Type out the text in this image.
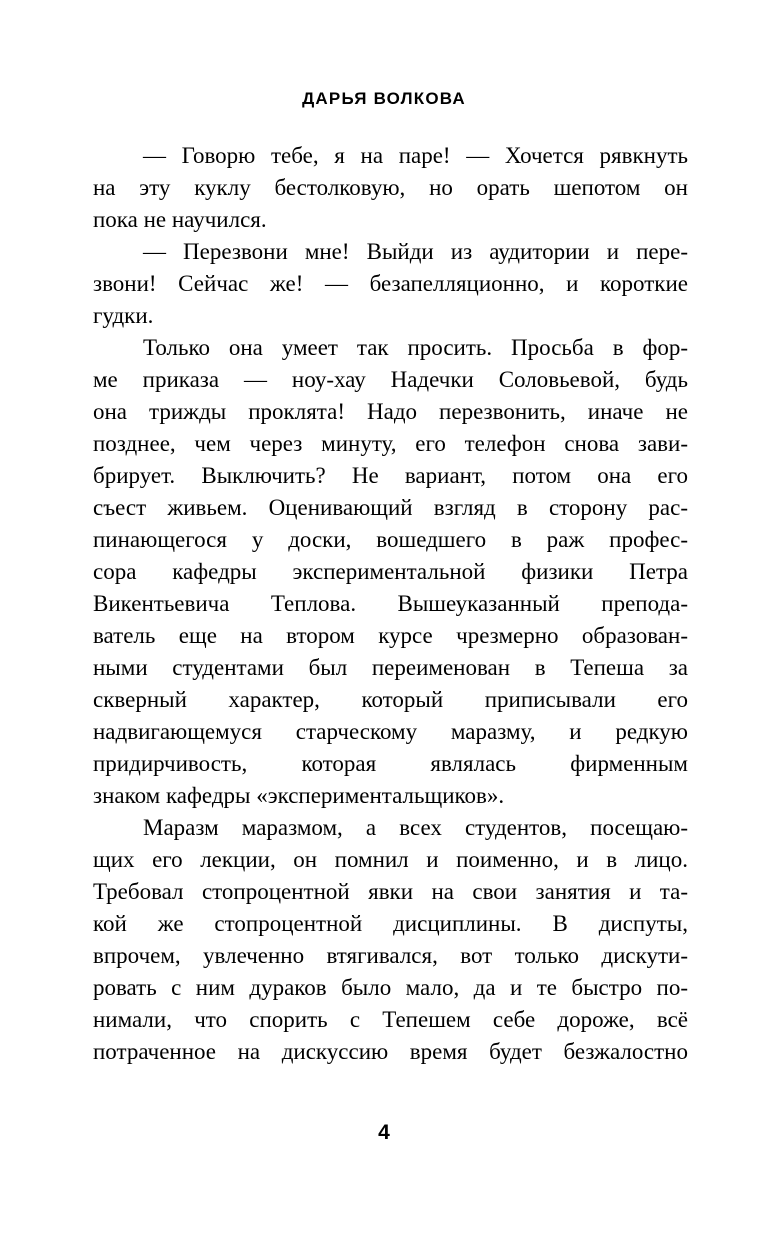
ДАРЬЯ ВОЛКОВА
— Говорю тебе, я на паре! — Хочется рявкнуть
на эту куклу бестолковую, но орать шепотом он
пока не научился.
— Перезвони мне! Выйди из аудитории и пере-
звони! Сейчас же! — безапелляционно, и короткие
гудки.
Только она умеет так просить. Просьба в фор-
ме приказа — ноу-хау Надечки Соловьевой, будь
она трижды проклята! Надо перезвонить, иначе не
позднее, чем через минуту, его телефон снова зави-
брирует. Выключить? Не вариант, потом она его
съест живьем. Оценивающий взгляд в сторону рас-
пинающегося у доски, вошедшего в раж профес-
сора кафедры экспериментальной физики Петра
Викентьевича Теплова. Вышеуказанный препода-
ватель еще на втором курсе чрезмерно образован-
ными студентами был переименован в Тепеша за
скверный характер, который приписывали его
надвигающемуся старческому маразму, и редкую
придирчивость, которая являлась фирменным
знаком кафедры «экспериментальщиков».
Маразм маразмом, а всех студентов, посещаю-
щих его лекции, он помнил и поименно, и в лицо.
Требовал стопроцентной явки на свои занятия и та-
кой же стопроцентной дисциплины. В диспуты,
впрочем, увлеченно втягивался, вот только дискути-
ровать с ним дураков было мало, да и те быстро по-
нимали, что спорить с Тепешем себе дороже, всё
потраченное на дискуссию время будет безжалостно
4
